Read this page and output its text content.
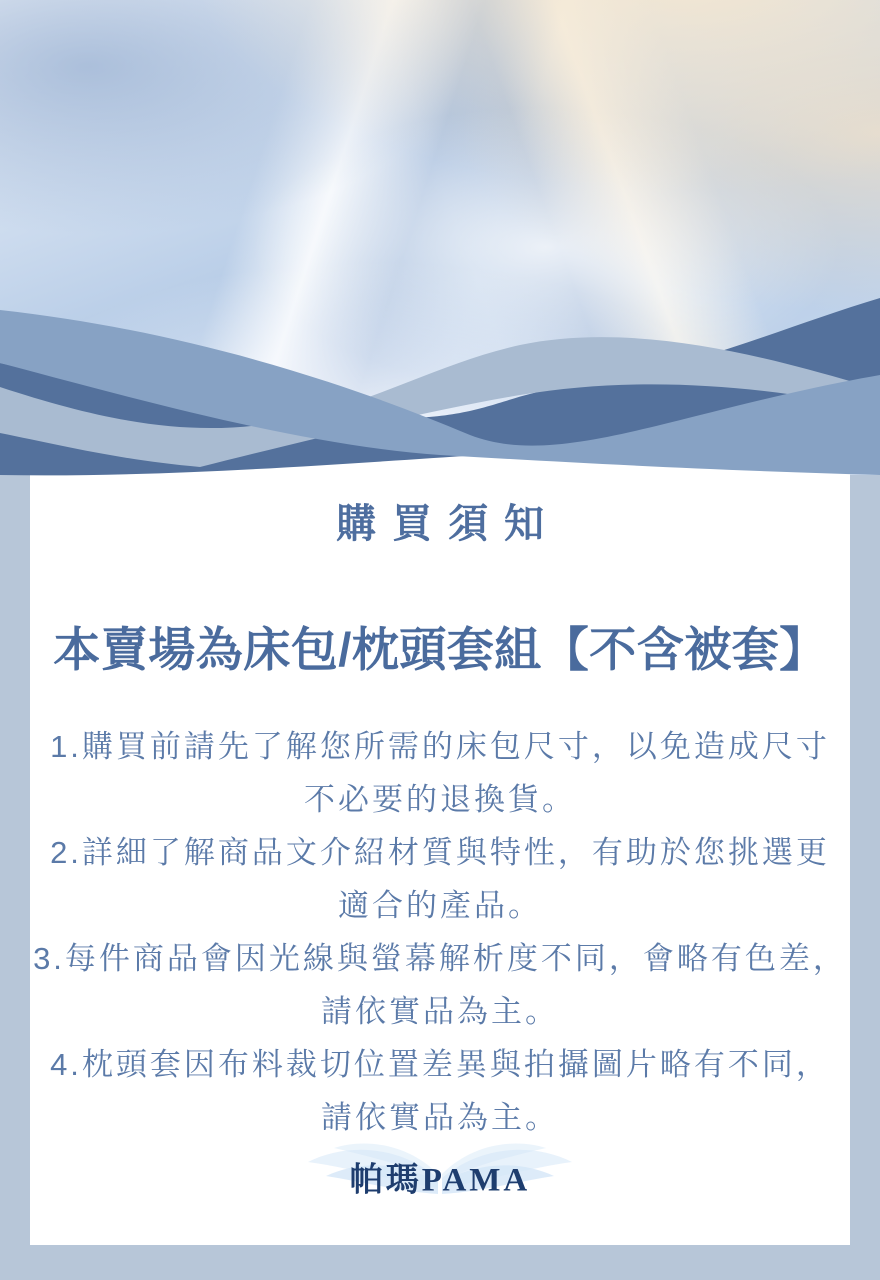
購買須知
本賣場為床包/枕頭套組【不含被套】

1.購買前請先了解您所需的床包尺寸，以免造成尺寸
不必要的退換貨。

2.詳細了解商品文介紹材質與特性，有助於您挑選更
適合的產品。

3.每件商品會因光線與螢幕解析度不同，會略有色差，
請依實品為主。

4.枕頭套因布料裁切位置差異與拍攝圖片略有不同，
請依實品為主。

帕瑪PAMA
